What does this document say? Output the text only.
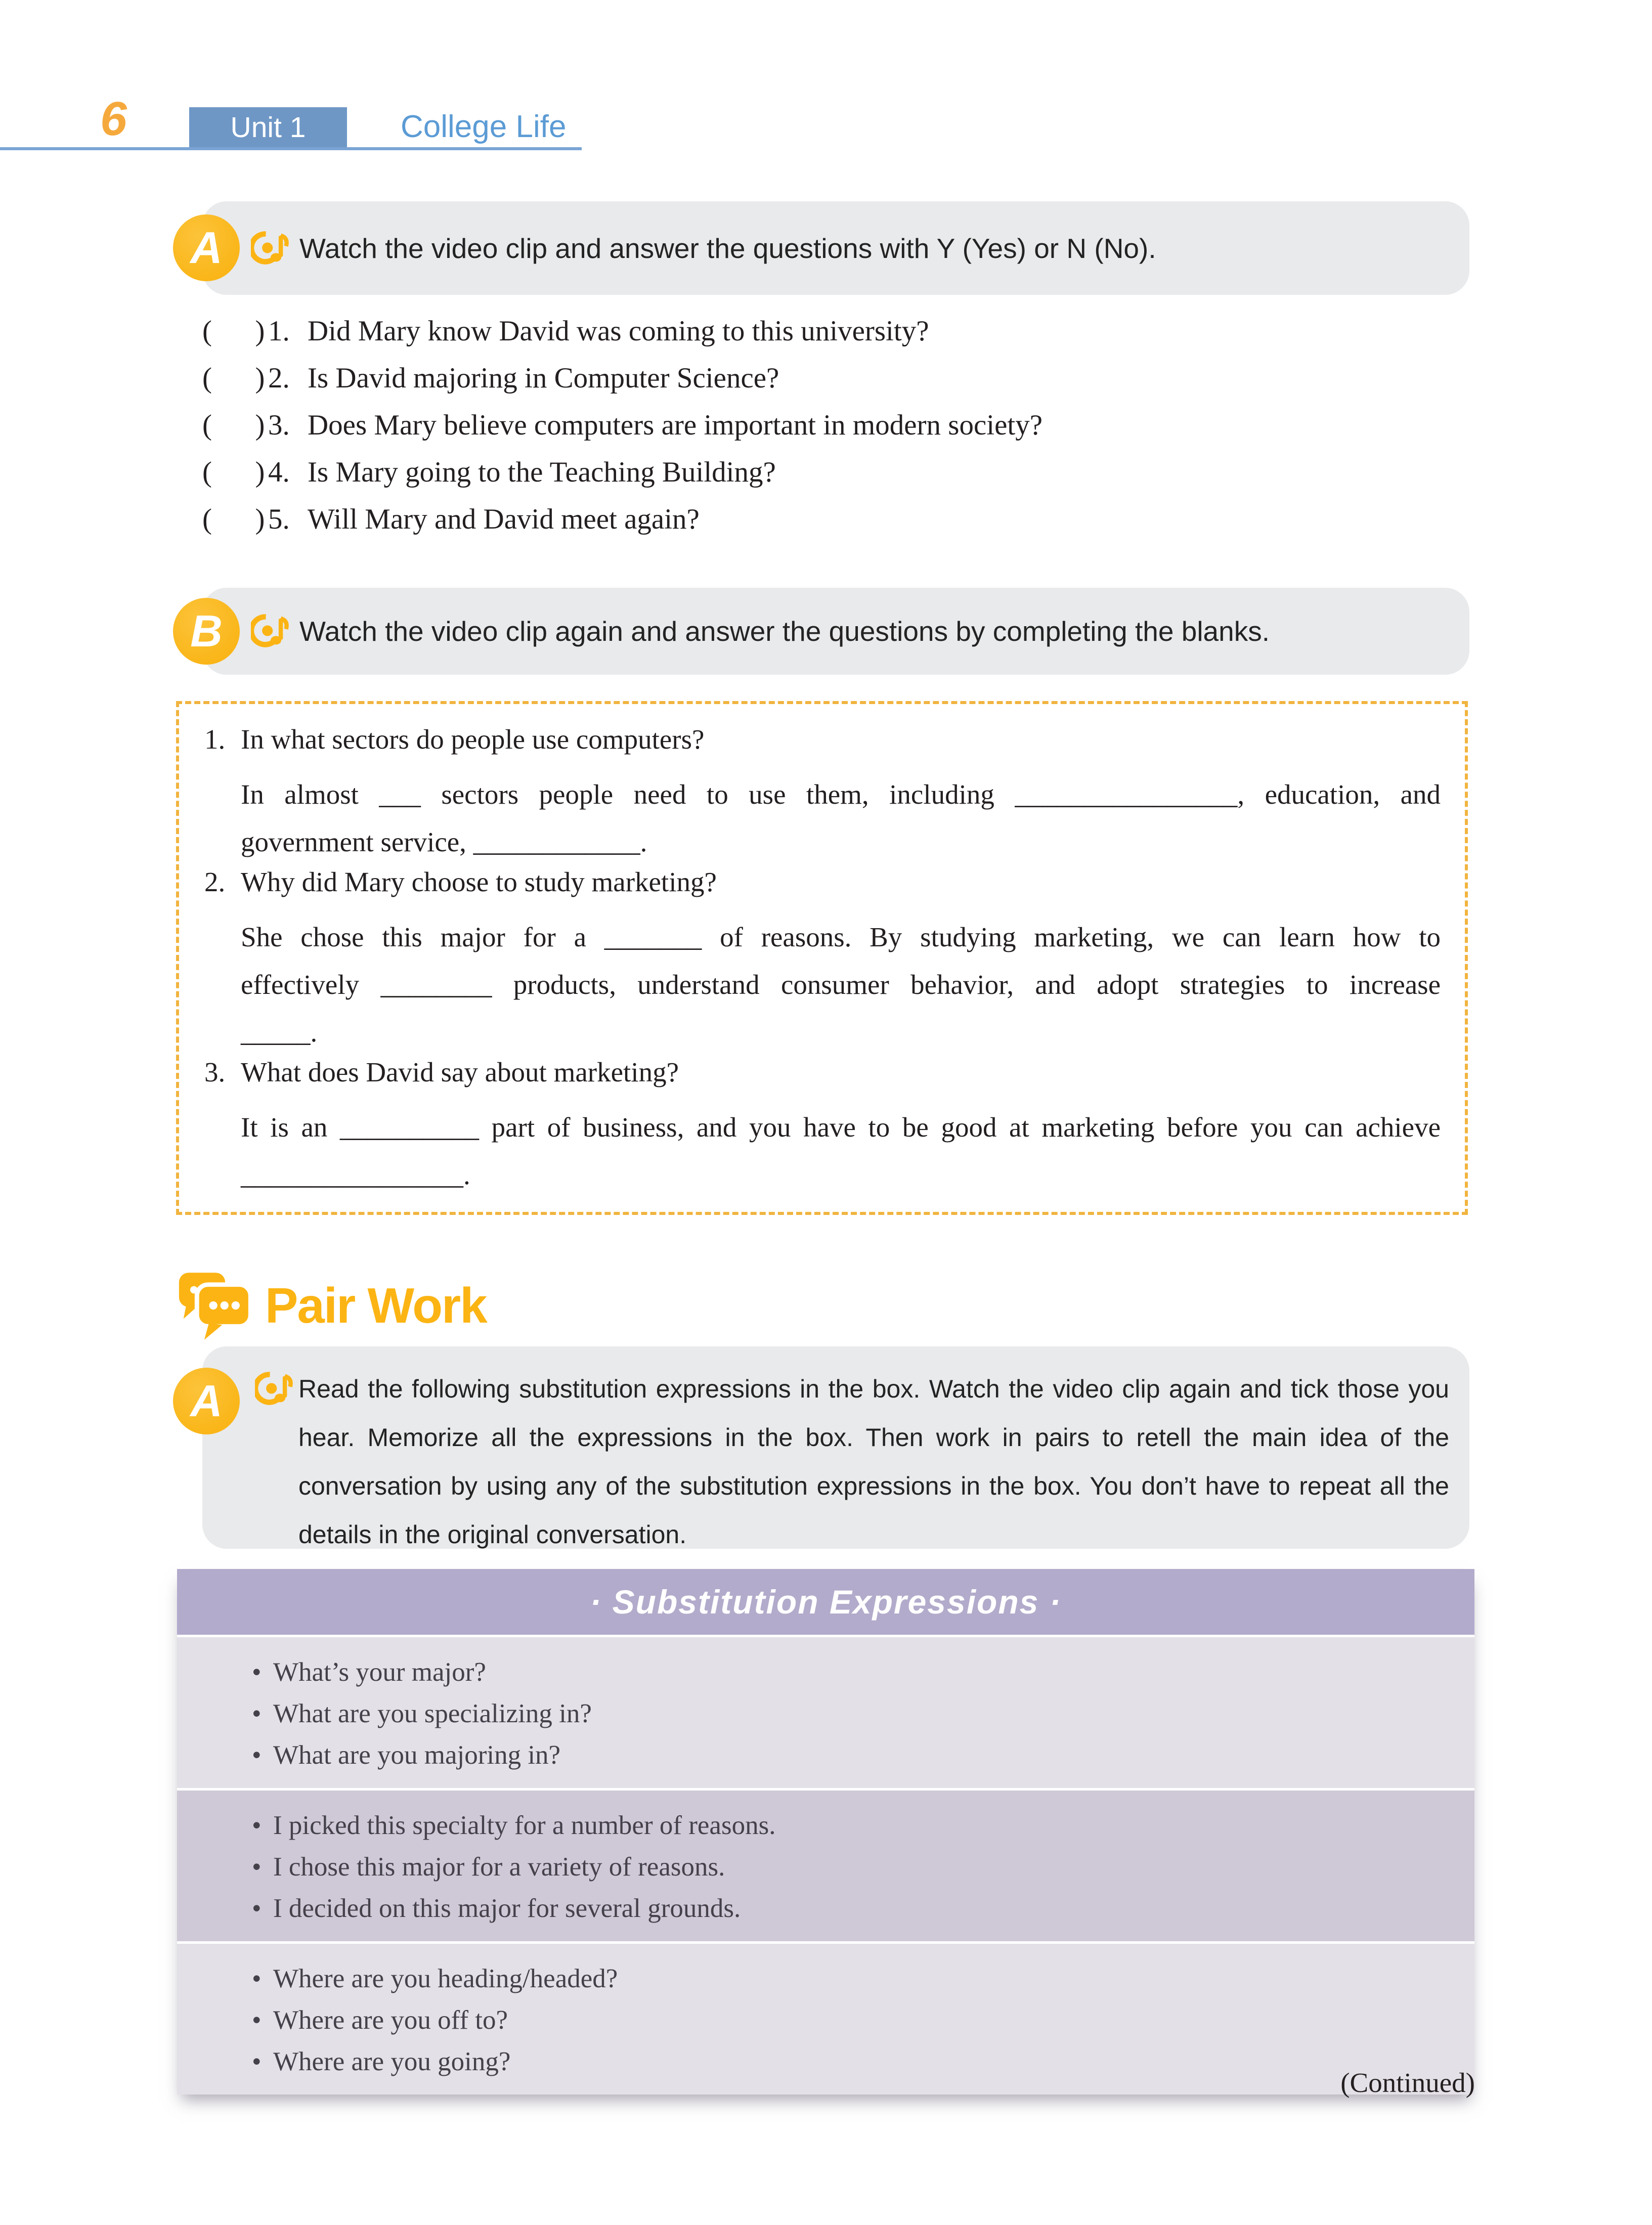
6	Unit 1	College Life
A	Watch the video clip and answer the questions with Y (Yes) or N (No).
(      ) 1. Did Mary know David was coming to this university?
(      ) 2. Is David majoring in Computer Science?
(      ) 3. Does Mary believe computers are important in modern society?
(      ) 4. Is Mary going to the Teaching Building?
(      ) 5. Will Mary and David meet again?
B	Watch the video clip again and answer the questions by completing the blanks.
1. In what sectors do people use computers?
In almost ___ sectors people need to use them, including ________________, education, and
government service, ____________.
2. Why did Mary choose to study marketing?
She chose this major for a _______ of reasons. By studying marketing, we can learn how to
effectively ________ products, understand consumer behavior, and adopt strategies to increase
_____.
3. What does David say about marketing?
It is an __________ part of business, and you have to be good at marketing before you can achieve
________________.
Pair Work
A	Read the following substitution expressions in the box. Watch the video clip again and tick those you hear. Memorize all the expressions in the box. Then work in pairs to retell the main idea of the conversation by using any of the substitution expressions in the box. You don’t have to repeat all the details in the original conversation.
· Substitution Expressions ·
• What’s your major?
• What are you specializing in?
• What are you majoring in?
• I picked this specialty for a number of reasons.
• I chose this major for a variety of reasons.
• I decided on this major for several grounds.
• Where are you heading/headed?
• Where are you off to?
• Where are you going?
(Continued)
